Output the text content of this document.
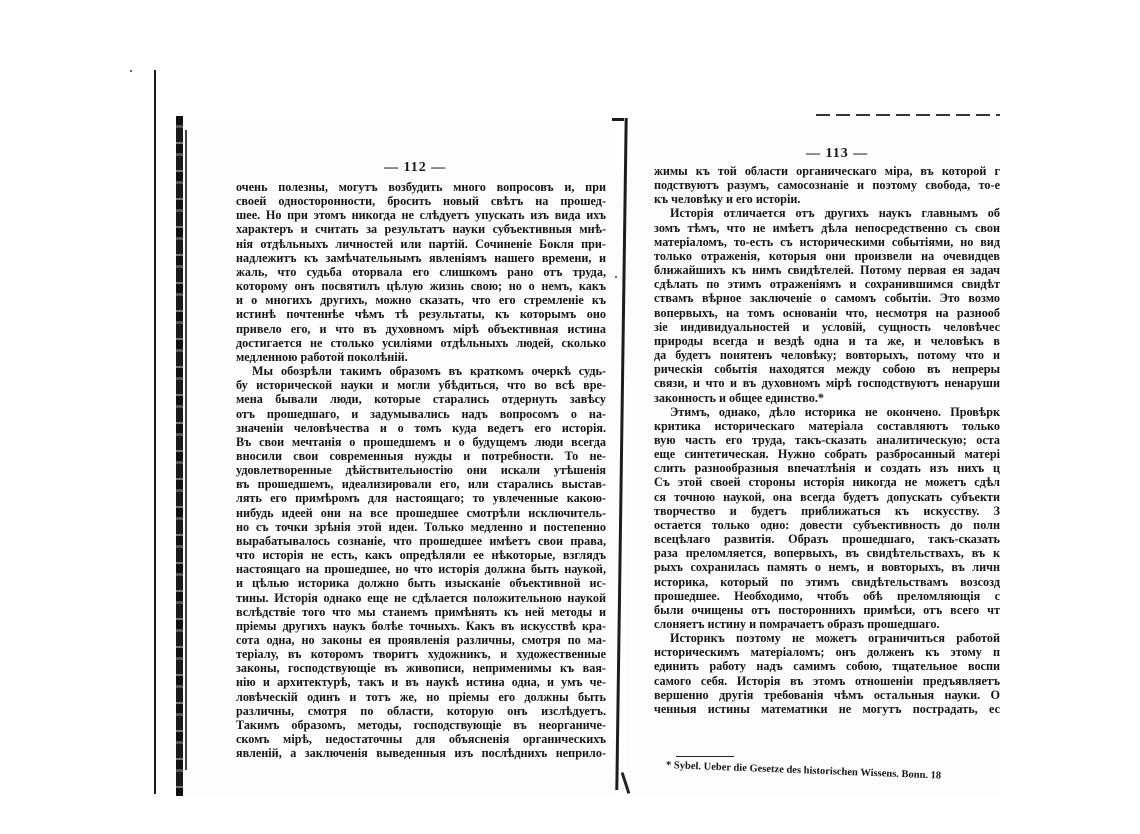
— 112 —
— 113 —
очень полезны, могутъ возбудить много вопросовъ и, при
своей односторонности, бросить новый свѣтъ на прошед-
шее. Но при этомъ никогда не слѣдуетъ упускать изъ вида ихъ
характеръ и считать за результатъ науки субъективныя мнѣ-
нія отдѣльныхъ личностей или партій. Сочиненіе Бокля при-
надлежитъ къ замѣчательнымъ явленіямъ нашего времени, и
жаль, что судьба оторвала его слишкомъ рано отъ труда,
которому онъ посвятилъ цѣлую жизнь свою; но о немъ, какъ
и о многихъ другихъ, можно сказать, что его стремленіе къ
истинѣ почтеннѣе чѣмъ тѣ результаты, къ которымъ оно
привело его, и что въ духовномъ мірѣ объективная истина
достигается не столько усиліями отдѣльныхъ людей, сколько
медленною работой поколѣній.
Мы обозрѣли такимъ образомъ въ краткомъ очеркѣ судь-
бу исторической науки и могли убѣдиться, что во всѣ вре-
мена бывали люди, которые старались отдернуть завѣсу
отъ прошедшаго, и задумывались надъ вопросомъ о на-
значеніи человѣчества и о томъ куда ведетъ его исторія.
Въ свои мечтанія о прошедшемъ и о будущемъ люди всегда
вносили свои современныя нужды и потребности. То не-
удовлетворенные дѣйствительностію они искали утѣшенія
въ прошедшемъ, идеализировали его, или старались выстав-
лять его примѣромъ для настоящаго; то увлеченные какою-
нибудь идеей они на все прошедшее смотрѣли исключитель-
но съ точки зрѣнія этой идеи. Только медленно и постепенно
вырабатывалось сознаніе, что прошедшее имѣетъ свои права,
что исторія не есть, какъ опредѣляли ее нѣкоторые, взглядъ
настоящаго на прошедшее, но что исторія должна быть наукой,
и цѣлью историка должно быть изысканіе объективной ис-
тины. Исторія однако еще не сдѣлается положительною наукой
вслѣдствіе того что мы станемъ примѣнять къ ней методы и
пріемы другихъ наукъ болѣе точныхъ. Какъ въ искусствѣ кра-
сота одна, но законы ея проявленія различны, смотря по ма-
теріалу, въ которомъ творитъ художникъ, и художественные
законы, господствующіе въ живописи, неприменимы къ вая-
нію и архитектурѣ, такъ и въ наукѣ истина одна, и умъ че-
ловѣческій одинъ и тотъ же, но пріемы его должны быть
различны, смотря по области, которую онъ изслѣдуетъ.
Такимъ образомъ, методы, господствующіе въ неорганиче-
скомъ мірѣ, недостаточны для объясненія органическихъ
явленій, а заключенія выведенныя изъ послѣднихъ неприло-
жимы къ той области органическаго міра, въ которой г
подствуютъ разумъ, самосознаніе и поэтому свобода, то-е
къ человѣку и его исторіи.
Исторія отличается отъ другихъ наукъ главнымъ об
зомъ тѣмъ, что не имѣетъ дѣла непосредственно съ свои
матеріаломъ, то-есть съ историческими событіями, но вид
только отраженія, которыя они произвели на очевидцев
ближайшихъ къ нимъ свидѣтелей. Потому первая ея задач
сдѣлать по этимъ отраженіямъ и сохранившимся свидѣт
ствамъ вѣрное заключеніе о самомъ событіи. Это возмо
вопервыхъ, на томъ основаніи что, несмотря на разнооб
зіе индивидуальностей и условій, сущность человѣчес
природы всегда и вездѣ одна и та же, и человѣкъ в
да будетъ понятенъ человѣку; вовторыхъ, потому что и
рическія событія находятся между собою въ непреры
связи, и что и въ духовномъ мірѣ господствуютъ ненаруши
законность и общее единство.*
Этимъ, однако, дѣло историка не окончено. Провѣрк
критика историческаго матеріала составляютъ только
вую часть его труда, такъ-сказать аналитическую; оста
еще синтетическая. Нужно собрать разбросанный матері
слить разнообразныя впечатлѣнія и создать изъ нихъ ц
Съ этой своей стороны исторія никогда не можетъ сдѣл
ся точною наукой, она всегда будетъ допускать субъекти
творчество и будетъ приближаться къ искусству. З
остается только одно: довести субъективность до полн
всецѣлаго развитія. Образъ прошедшаго, такъ-сказать
раза преломляется, вопервыхъ, въ свидѣтельствахъ, въ к
рыхъ сохранилась память о немъ, и вовторыхъ, въ личн
историка, который по этимъ свидѣтельствамъ возсозд
прошедшее. Необходимо, чтобъ обѣ преломляющія с
были очищены отъ постороннихъ примѣси, отъ всего чт
слоняетъ истину и помрачаетъ образъ прошедшаго.
Историкъ поэтому не можетъ ограничиться работой
историческимъ матеріаломъ; онъ долженъ къ этому п
единить работу надъ самимъ собою, тщательное воспи
самого себя. Исторія въ этомъ отношеніи предъявляетъ
вершенно другія требованія чѣмъ остальныя науки. О
ченныя истины математики не могутъ пострадать, ес
* Sybel. Ueber die Gesetze des historischen Wissens. Bonn. 18
